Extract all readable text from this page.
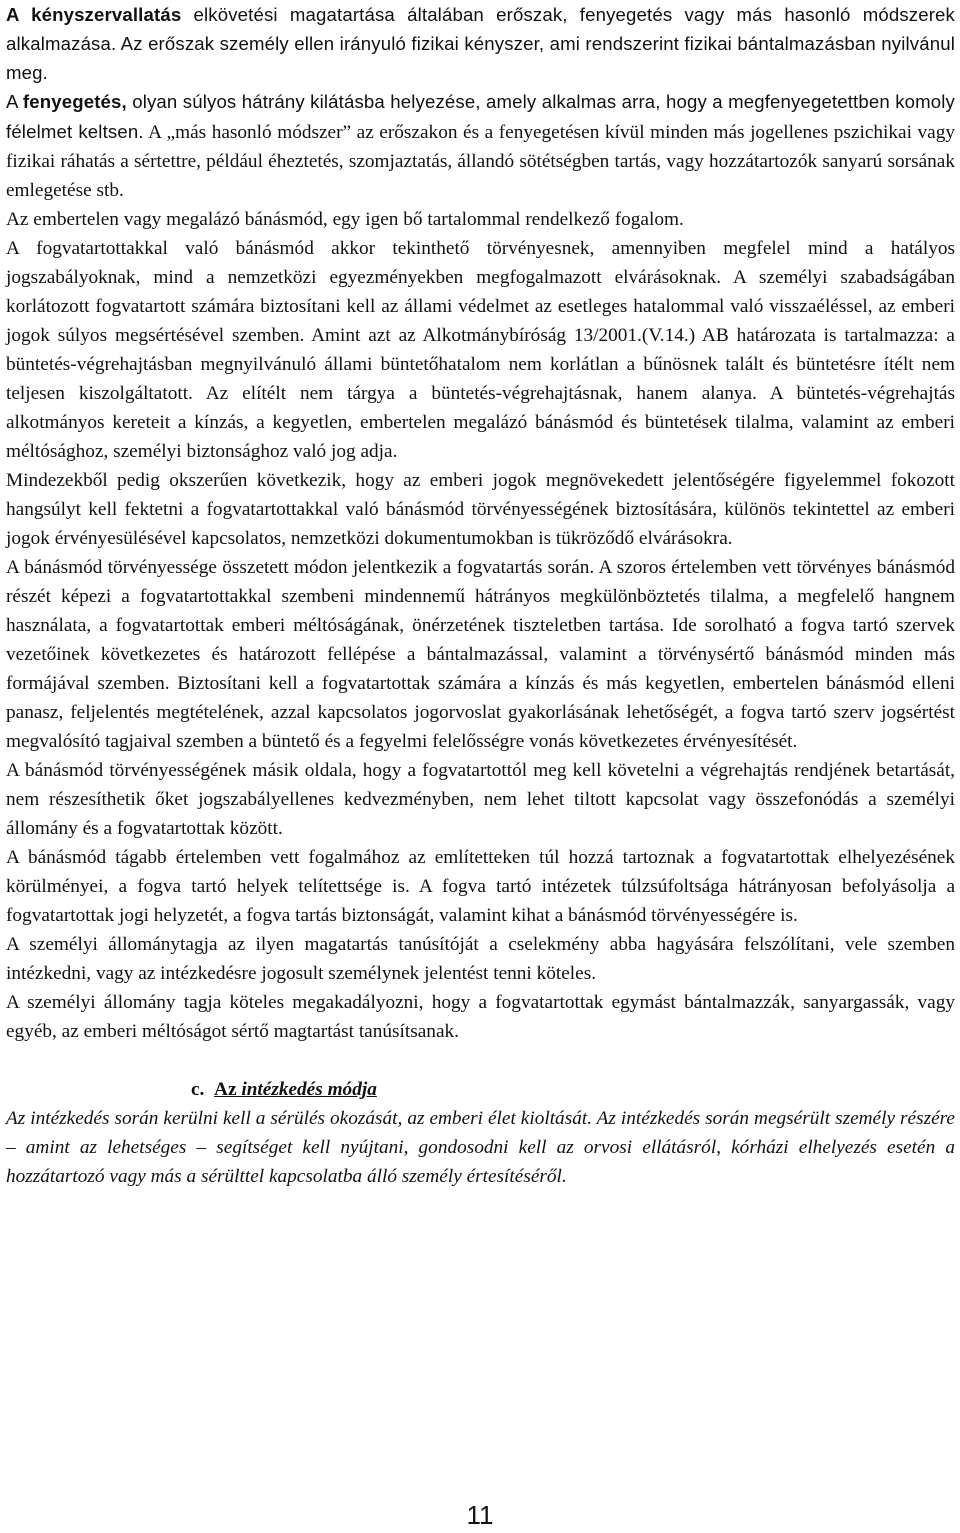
A kényszervallatás elkövetési magatartása általában erőszak, fenyegetés vagy más hasonló módszerek alkalmazása. Az erőszak személy ellen irányuló fizikai kényszer, ami rendszerint fizikai bántalmazásban nyilvánul meg.

A fenyegetés, olyan súlyos hátrány kilátásba helyezése, amely alkalmas arra, hogy a megfenyegetettben komoly félelmet keltsen. A „más hasonló módszer” az erőszakon és a fenyegetésen kívül minden más jogellenes pszichikai vagy fizikai ráhatás a sértettre, például éheztetés, szomjaztatás, állandó sötétségben tartás, vagy hozzátartozók sanyarú sorsának emlegetése stb.

Az embertelen vagy megalázó bánásmód, egy igen bő tartalommal rendelkező fogalom.

A fogvatartottakkal való bánásmód akkor tekinthető törvényesnek, amennyiben megfelel mind a hatályos jogszabályoknak, mind a nemzetközi egyezményekben megfogalmazott elvárásoknak. A személyi szabadságában korlátozott fogvatartott számára biztosítani kell az állami védelmet az esetleges hatalommal való visszaéléssel, az emberi jogok súlyos megsértésével szemben. Amint azt az Alkotmánybíróság 13/2001.(V.14.) AB határozata is tartalmazza: a büntetés-végrehajtásban megnyilvánuló állami büntetőhatalom nem korlátlan a bűnösnek talált és büntetésre ítélt nem teljesen kiszolgáltatott. Az elítélt nem tárgya a büntetés-végrehajtásnak, hanem alanya. A büntetés-végrehajtás alkotmányos kereteit a kínzás, a kegyetlen, embertelen megalázó bánásmód és büntetések tilalma, valamint az emberi méltósághoz, személyi biztonsághoz való jog adja.

Mindezekből pedig okszerűen következik, hogy az emberi jogok megnövekedett jelentőségére figyelemmel fokozott hangsúlyt kell fektetni a fogvatartottakkal való bánásmód törvényességének biztosítására, különös tekintettel az emberi jogok érvényesülésével kapcsolatos, nemzetközi dokumentumokban is tükröződő elvárásokra.

A bánásmód törvényessége összetett módon jelentkezik a fogvatartás során. A szoros értelemben vett törvényes bánásmód részét képezi a fogvatartottakkal szembeni mindennemű hátrányos megkülönböztetés tilalma, a megfelelő hangnem használata, a fogvatartottak emberi méltóságának, önérzetének tiszteletben tartása. Ide sorolható a fogva tartó szervek vezetőinek következetes és határozott fellépése a bántalmazással, valamint a törvénysértő bánásmód minden más formájával szemben. Biztosítani kell a fogvatartottak számára a kínzás és más kegyetlen, embertelen bánásmód elleni panasz, feljelentés megtételének, azzal kapcsolatos jogorvoslat gyakorlásának lehetőségét, a fogva tartó szerv jogsértést megvalósító tagjaival szemben a büntető és a fegyelmi felelősségre vonás következetes érvényesítését.

A bánásmód törvényességének másik oldala, hogy a fogvatartottól meg kell követelni a végrehajtás rendjének betartását, nem részesíthetik őket jogszabályellenes kedvezményben, nem lehet tiltott kapcsolat vagy összefonódás a személyi állomány és a fogvatartottak között.

A bánásmód tágabb értelemben vett fogalmához az említetteken túl hozzá tartoznak a fogvatartottak elhelyezésének körülményei, a fogva tartó helyek telítettsége is. A fogva tartó intézetek túlzsúfoltsága hátrányosan befolyásolja a fogvatartottak jogi helyzetét, a fogva tartás biztonságát, valamint kihat a bánásmód törvényességére is.

A személyi állománytagja az ilyen magatartás tanúsítóját a cselekmény abba hagyására felszólítani, vele szemben intézkedni, vagy az intézkedésre jogosult személynek jelentést tenni köteles.

A személyi állomány tagja köteles megakadályozni, hogy a fogvatartottak egymást bántalmazzák, sanyargassák, vagy egyéb, az emberi méltóságot sértő magtartást tanúsítsanak.

c. Az intézkedés módja

Az intézkedés során kerülni kell a sérülés okozását, az emberi élet kioltását. Az intézkedés során megsérült személy részére – amint az lehetséges – segítséget kell nyújtani, gondosodni kell az orvosi ellátásról, kórházi elhelyezés esetén a hozzátartozó vagy más a sérülttel kapcsolatba álló személy értesítéséről.

11
